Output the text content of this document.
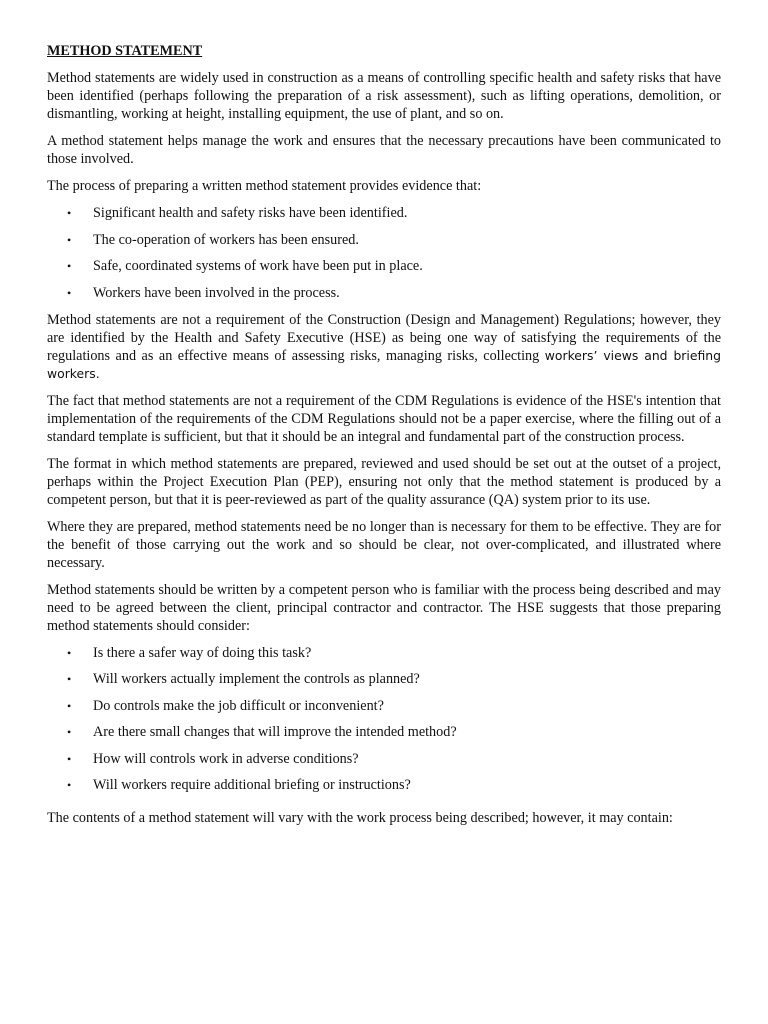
METHOD STATEMENT

Method statements are widely used in construction as a means of controlling specific health and safety risks that have been identified (perhaps following the preparation of a risk assessment), such as lifting operations, demolition, or dismantling, working at height, installing equipment, the use of plant, and so on.

A method statement helps manage the work and ensures that the necessary precautions have been communicated to those involved.

The process of preparing a written method statement provides evidence that:

• Significant health and safety risks have been identified.
• The co-operation of workers has been ensured.
• Safe, coordinated systems of work have been put in place.
• Workers have been involved in the process.

Method statements are not a requirement of the Construction (Design and Management) Regulations; however, they are identified by the Health and Safety Executive (HSE) as being one way of satisfying the requirements of the regulations and as an effective means of assessing risks, managing risks, collecting workers’ views and briefing workers.

The fact that method statements are not a requirement of the CDM Regulations is evidence of the HSE's intention that implementation of the requirements of the CDM Regulations should not be a paper exercise, where the filling out of a standard template is sufficient, but that it should be an integral and fundamental part of the construction process.

The format in which method statements are prepared, reviewed and used should be set out at the outset of a project, perhaps within the Project Execution Plan (PEP), ensuring not only that the method statement is produced by a competent person, but that it is peer-reviewed as part of the quality assurance (QA) system prior to its use.

Where they are prepared, method statements need be no longer than is necessary for them to be effective. They are for the benefit of those carrying out the work and so should be clear, not over-complicated, and illustrated where necessary.

Method statements should be written by a competent person who is familiar with the process being described and may need to be agreed between the client, principal contractor and contractor. The HSE suggests that those preparing method statements should consider:

• Is there a safer way of doing this task?
• Will workers actually implement the controls as planned?
• Do controls make the job difficult or inconvenient?
• Are there small changes that will improve the intended method?
• How will controls work in adverse conditions?
• Will workers require additional briefing or instructions?

The contents of a method statement will vary with the work process being described; however, it may contain:
